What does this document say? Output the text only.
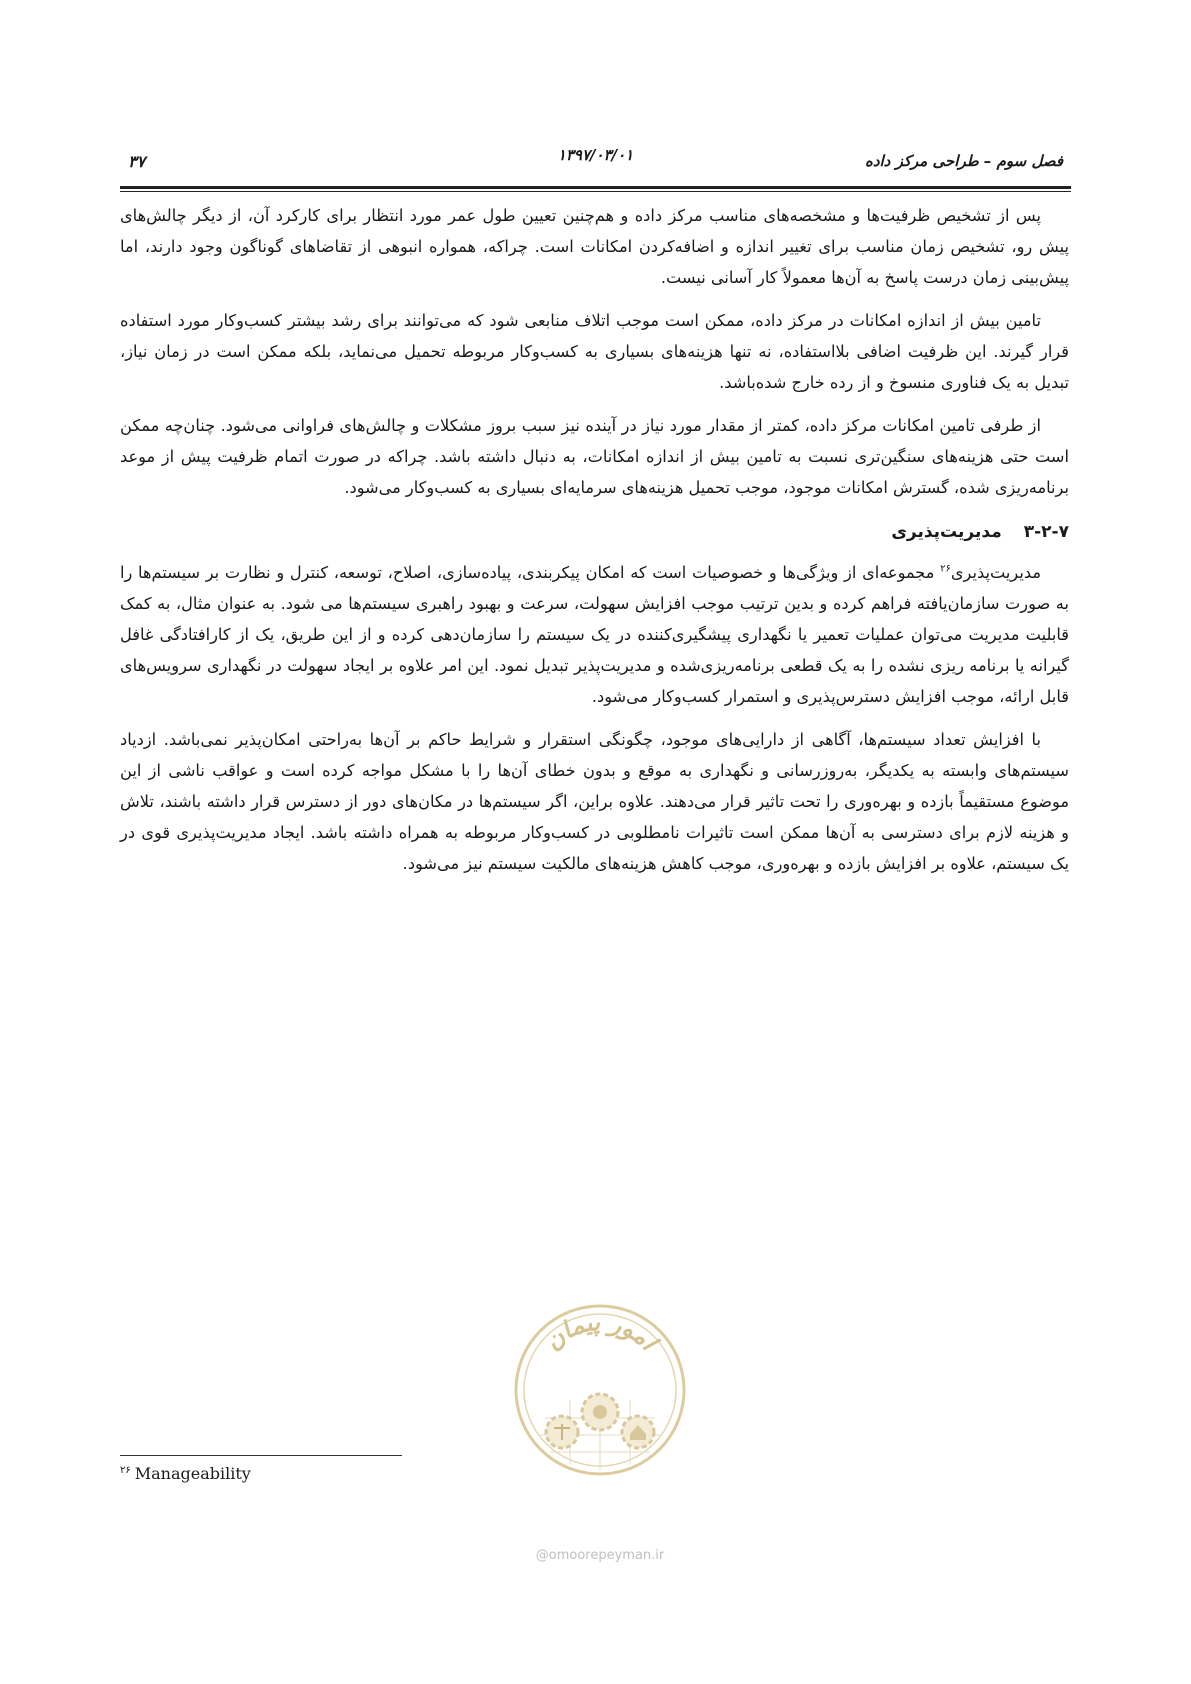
فصل سوم – طراحی مرکز داده
۱۳۹۷/۰۳/۰۱
۳۷

پس از تشخیص ظرفیت‌ها و مشخصه‌های مناسب مرکز داده و هم‌چنین تعیین طول عمر مورد انتظار برای کارکرد آن، از دیگر چالش‌های پیش رو، تشخیص زمان مناسب برای تغییر اندازه و اضافه‌کردن امکانات است. چراکه، همواره انبوهی از تقاضاهای گوناگون وجود دارند، اما پیش‌بینی زمان درست پاسخ به آن‌ها معمولاً کار آسانی نیست.

تامین بیش از اندازه امکانات در مرکز داده، ممکن است موجب اتلاف منابعی شود که می‌توانند برای رشد بیشتر کسب‌وکار مورد استفاده قرار گیرند. این ظرفیت اضافی بلااستفاده، نه تنها هزینه‌های بسیاری به کسب‌وکار مربوطه تحمیل می‌نماید، بلکه ممکن است در زمان نیاز، تبدیل به یک فناوری منسوخ و از رده خارج شده‌باشد.

از طرفی تامین امکانات مرکز داده، کمتر از مقدار مورد نیاز در آینده نیز سبب بروز مشکلات و چالش‌های فراوانی می‌شود. چنان‌چه ممکن است حتی هزینه‌های سنگین‌تری نسبت به تامین بیش از اندازه امکانات، به دنبال داشته باشد. چراکه در صورت اتمام ظرفیت پیش از موعد برنامه‌ریزی شده، گسترش امکانات موجود، موجب تحمیل هزینه‌های سرمایه‌ای بسیاری به کسب‌وکار می‌شود.

۳-۲-۷مدیریت‌پذیری

مدیریت‌پذیری$^{۲۶}$ مجموعه‌ای از ویژگی‌ها و خصوصیات است که امکان پیکربندی، پیاده‌سازی، اصلاح، توسعه، کنترل و نظارت بر سیستم‌ها را به صورت سازمان‌یافته فراهم کرده و بدین ترتیب موجب افزایش سهولت، سرعت و بهبود راهبری سیستم‌ها می شود. به عنوان مثال، به کمک قابلیت مدیریت می‌توان عملیات تعمیر یا نگهداری پیشگیری‌کننده در یک سیستم را سازمان‌دهی کرده و از این طریق، یک از کارافتادگی غافل گیرانه یا برنامه ریزی نشده را به یک قطعی برنامه‌ریزی‌شده و مدیریت‌پذیر تبدیل نمود. این امر علاوه بر ایجاد سهولت در نگهداری سرویس‌های قابل ارائه، موجب افزایش دسترس‌پذیری و استمرار کسب‌وکار می‌شود.

با افزایش تعداد سیستم‌ها، آگاهی از دارایی‌های موجود، چگونگی استقرار و شرایط حاکم بر آن‌ها به‌راحتی امکان‌پذیر نمی‌باشد. ازدیاد سیستم‌های وابسته به یکدیگر، به‌روزرسانی و نگهداری به موقع و بدون خطای آن‌ها را با مشکل مواجه کرده است و عواقب ناشی از این موضوع مستقیماً بازده و بهره‌وری را تحت تاثیر قرار می‌دهند. علاوه براین، اگر سیستم‌ها در مکان‌های دور از دسترس قرار داشته باشند، تلاش و هزینه لازم برای دسترسی به آن‌ها ممکن است تاثیرات نامطلوبی در کسب‌وکار مربوطه به همراه داشته باشد. ایجاد مدیریت‌پذیری قوی در یک سیستم، علاوه بر افزایش بازده و بهره‌وری، موجب کاهش هزینه‌های مالکیت سیستم نیز می‌شود.

$^{۲۶}$ Manageability
امور پیمان
@omoorepeyman.ir
